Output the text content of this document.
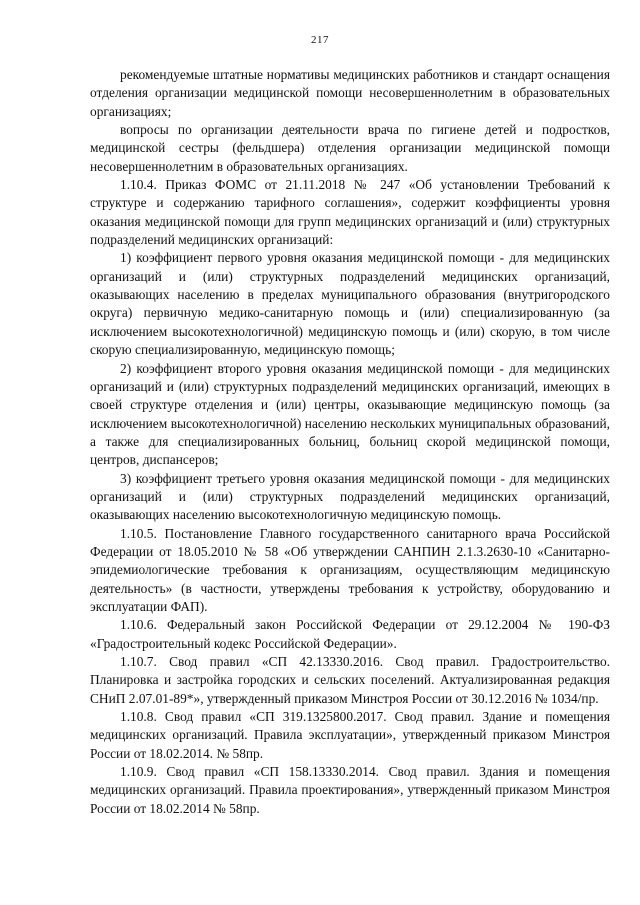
217

рекомендуемые штатные нормативы медицинских работников и стандарт оснащения отделения организации медицинской помощи несовершеннолетним в образовательных организациях;

вопросы по организации деятельности врача по гигиене детей и подростков, медицинской сестры (фельдшера) отделения организации медицинской помощи несовершеннолетним в образовательных организациях.

1.10.4. Приказ ФОМС от 21.11.2018 № 247 «Об установлении Требований к структуре и содержанию тарифного соглашения», содержит коэффициенты уровня оказания медицинской помощи для групп медицинских организаций и (или) структурных подразделений медицинских организаций:

1) коэффициент первого уровня оказания медицинской помощи - для медицинских организаций и (или) структурных подразделений медицинских организаций, оказывающих населению в пределах муниципального образования (внутригородского округа) первичную медико-санитарную помощь и (или) специализированную (за исключением высокотехнологичной) медицинскую помощь и (или) скорую, в том числе скорую специализированную, медицинскую помощь;

2) коэффициент второго уровня оказания медицинской помощи - для медицинских организаций и (или) структурных подразделений медицинских организаций, имеющих в своей структуре отделения и (или) центры, оказывающие медицинскую помощь (за исключением высокотехнологичной) населению нескольких муниципальных образований, а также для специализированных больниц, больниц скорой медицинской помощи, центров, диспансеров;

3) коэффициент третьего уровня оказания медицинской помощи - для медицинских организаций и (или) структурных подразделений медицинских организаций, оказывающих населению высокотехнологичную медицинскую помощь.

1.10.5. Постановление Главного государственного санитарного врача Российской Федерации от 18.05.2010 № 58 «Об утверждении САНПИН 2.1.3.2630-10 «Санитарно-эпидемиологические требования к организациям, осуществляющим медицинскую деятельность» (в частности, утверждены требования к устройству, оборудованию и эксплуатации ФАП).

1.10.6. Федеральный закон Российской Федерации от 29.12.2004 № 190-ФЗ «Градостроительный кодекс Российской Федерации».

1.10.7. Свод правил «СП 42.13330.2016. Свод правил. Градостроительство. Планировка и застройка городских и сельских поселений. Актуализированная редакция СНиП 2.07.01-89*», утвержденный приказом Минстроя России от 30.12.2016 № 1034/пр.

1.10.8. Свод правил «СП 319.1325800.2017. Свод правил. Здание и помещения медицинских организаций. Правила эксплуатации», утвержденный приказом Минстроя России от 18.02.2014. № 58пр.

1.10.9. Свод правил «СП 158.13330.2014. Свод правил. Здания и помещения медицинских организаций. Правила проектирования», утвержденный приказом Минстроя России от 18.02.2014 № 58пр.
